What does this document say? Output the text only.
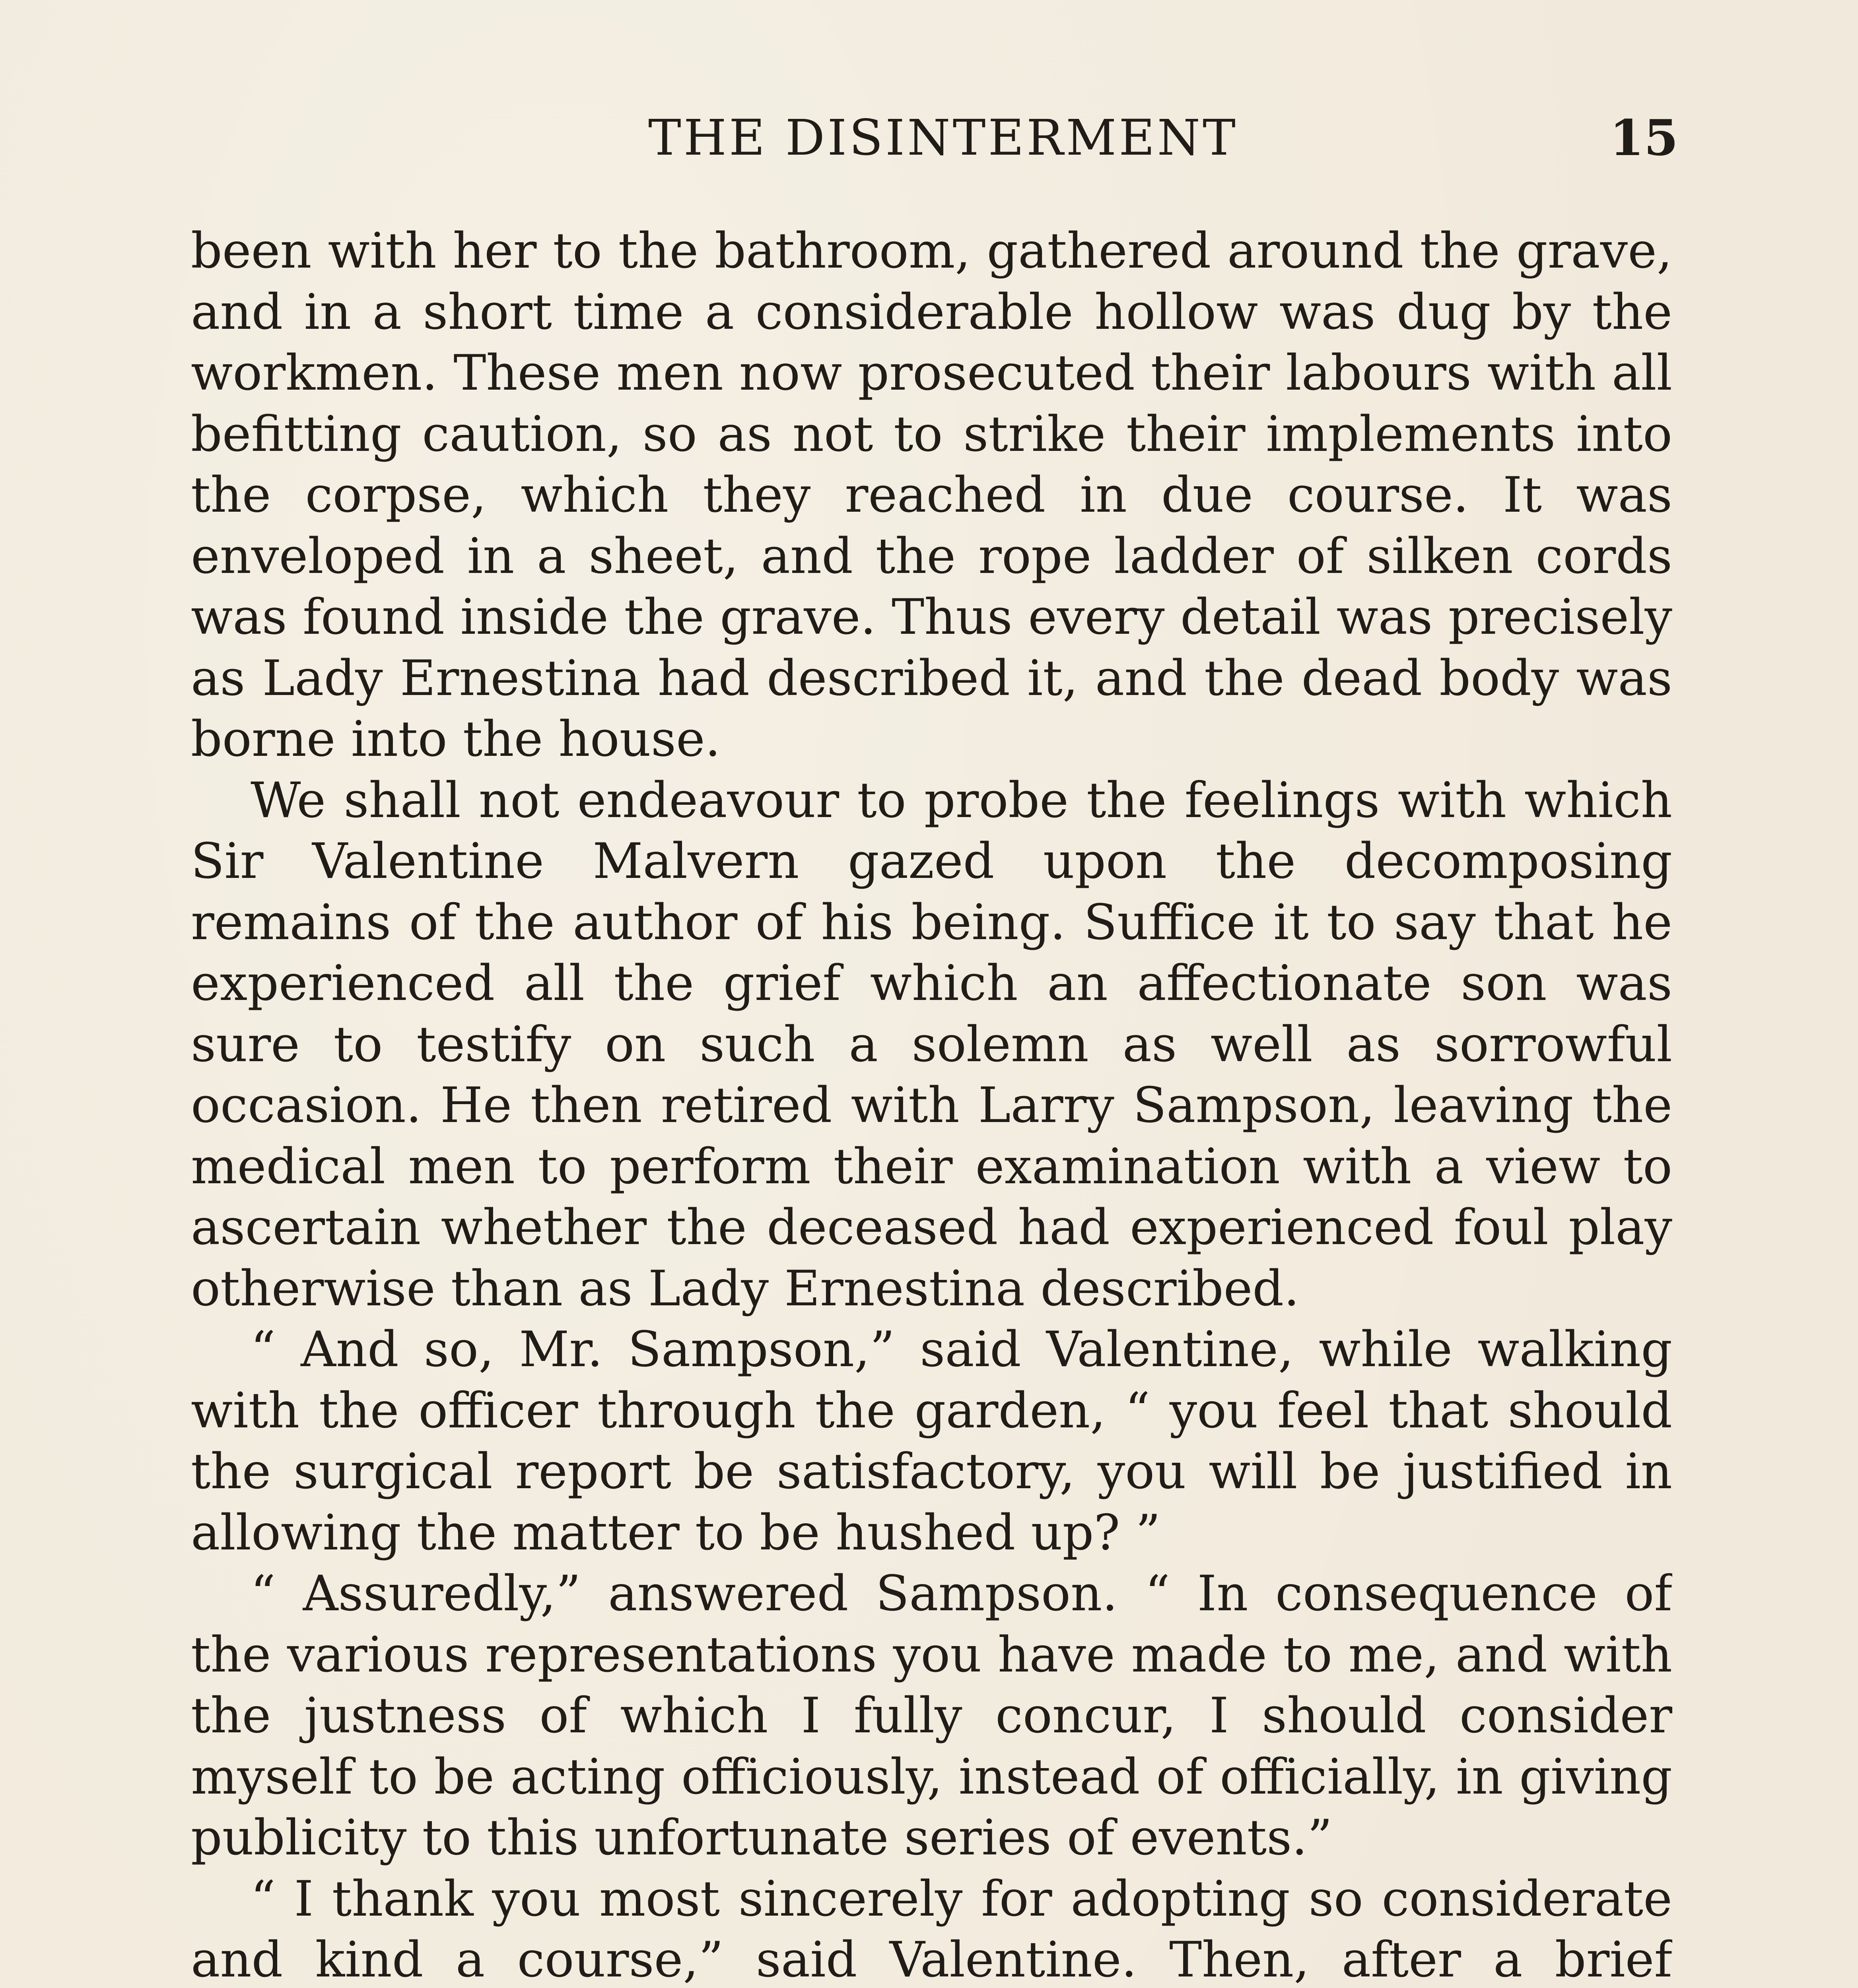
THE DISINTERMENT	15

been with her to the bathroom, gathered around the grave, and in a short time a considerable hollow was dug by the workmen. These men now prosecuted their labours with all befitting caution, so as not to strike their implements into the corpse, which they reached in due course. It was enveloped in a sheet, and the rope ladder of silken cords was found inside the grave. Thus every detail was precisely as Lady Ernestina had described it, and the dead body was borne into the house.

We shall not endeavour to probe the feelings with which Sir Valentine Malvern gazed upon the decomposing remains of the author of his being. Suffice it to say that he experienced all the grief which an affectionate son was sure to testify on such a solemn as well as sorrowful occasion. He then retired with Larry Sampson, leaving the medical men to perform their examination with a view to ascertain whether the deceased had experienced foul play otherwise than as Lady Ernestina described.

“ And so, Mr. Sampson,” said Valentine, while walking with the officer through the garden, “ you feel that should the surgical report be satisfactory, you will be justified in allowing the matter to be hushed up? ”

“ Assuredly,” answered Sampson. “ In consequence of the various representations you have made to me, and with the justness of which I fully concur, I should consider myself to be acting officiously, instead of officially, in giving publicity to this unfortunate series of events.”

“ I thank you most sincerely for adopting so considerate and kind a course,” said Valentine. Then, after a brief
